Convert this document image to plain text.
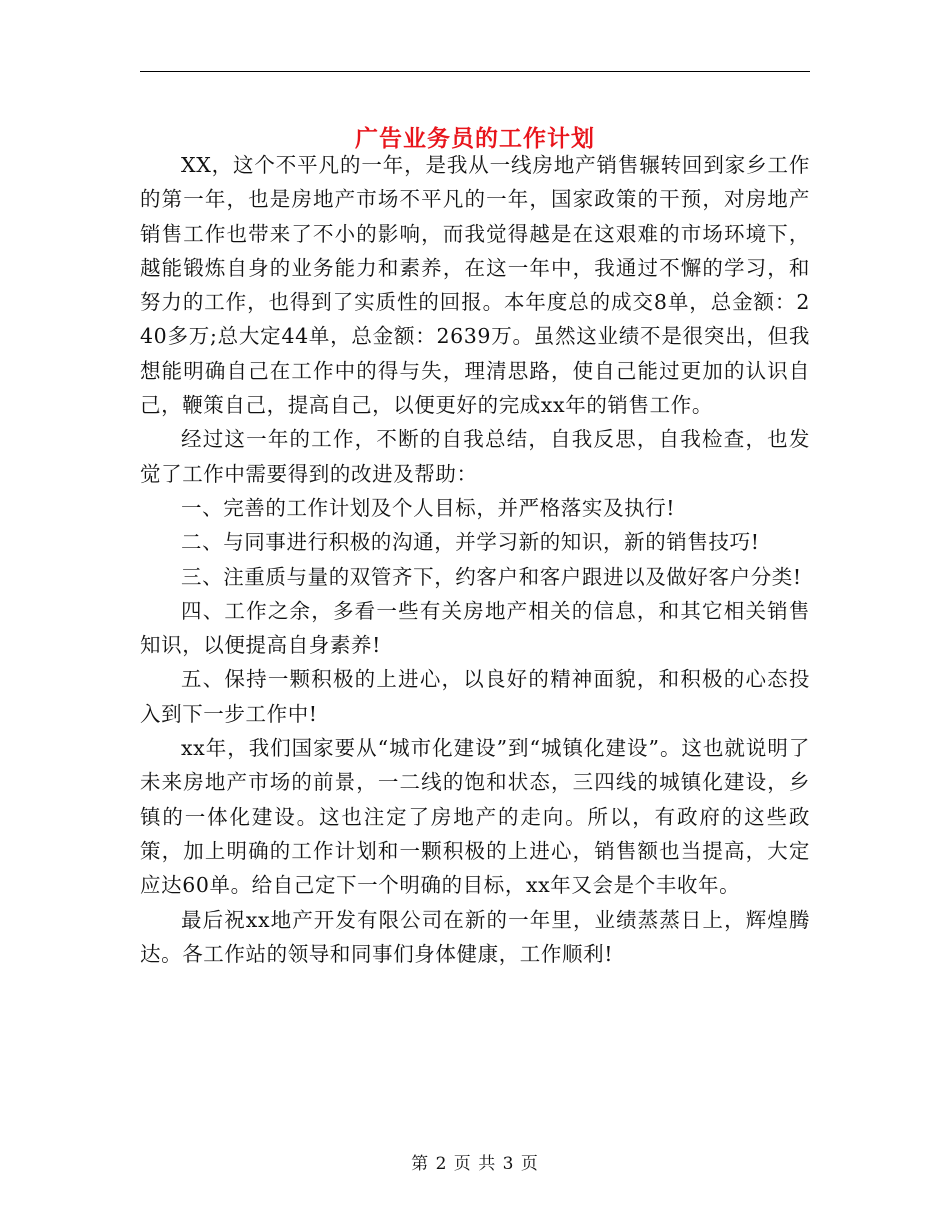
广告业务员的工作计划

XX，这个不平凡的一年，是我从一线房地产销售辗转回到家乡工作的第一年，也是房地产市场不平凡的一年，国家政策的干预，对房地产销售工作也带来了不小的影响，而我觉得越是在这艰难的市场环境下，越能锻炼自身的业务能力和素养，在这一年中，我通过不懈的学习，和努力的工作，也得到了实质性的回报。本年度总的成交8单，总金额：240多万;总大定44单，总金额：2639万。虽然这业绩不是很突出，但我想能明确自己在工作中的得与失，理清思路，使自己能过更加的认识自己，鞭策自己，提高自己，以便更好的完成xx年的销售工作。

经过这一年的工作，不断的自我总结，自我反思，自我检查，也发觉了工作中需要得到的改进及帮助：

一、完善的工作计划及个人目标，并严格落实及执行!

二、与同事进行积极的沟通，并学习新的知识，新的销售技巧!

三、注重质与量的双管齐下，约客户和客户跟进以及做好客户分类!

四、工作之余，多看一些有关房地产相关的信息，和其它相关销售知识，以便提高自身素养!

五、保持一颗积极的上进心，以良好的精神面貌，和积极的心态投入到下一步工作中!

xx年，我们国家要从“城市化建设”到“城镇化建设”。这也就说明了未来房地产市场的前景，一二线的饱和状态，三四线的城镇化建设，乡镇的一体化建设。这也注定了房地产的走向。所以，有政府的这些政策，加上明确的工作计划和一颗积极的上进心，销售额也当提高，大定应达60单。给自己定下一个明确的目标，xx年又会是个丰收年。

最后祝xx地产开发有限公司在新的一年里，业绩蒸蒸日上，辉煌腾达。各工作站的领导和同事们身体健康，工作顺利!

第 2 页 共 3 页
